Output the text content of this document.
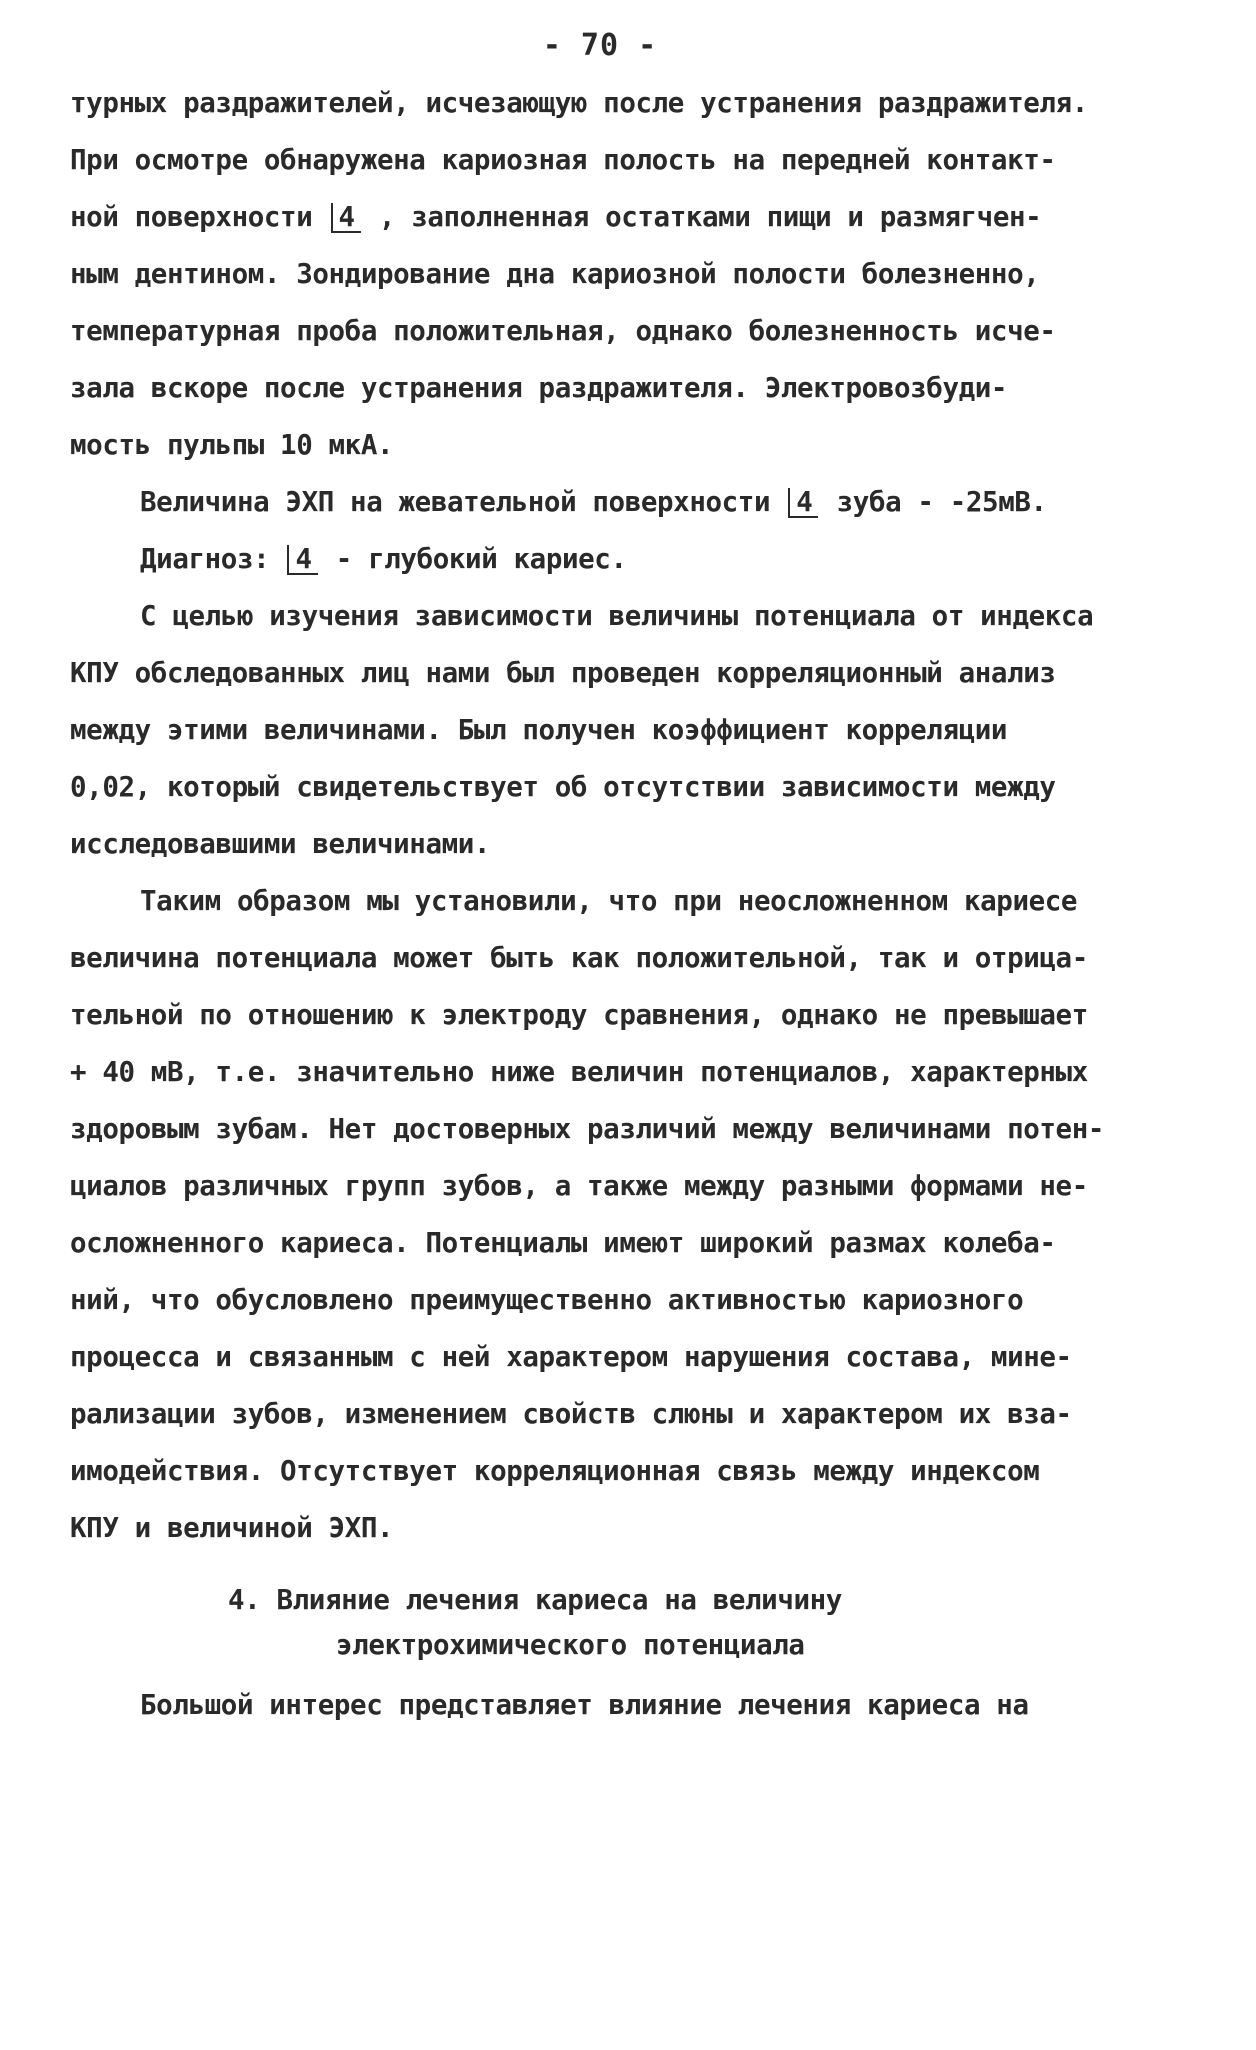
- 70 -
турных раздражителей, исчезающую после устранения раздражителя.
При осмотре обнаружена кариозная полость на передней контакт-
ной поверхности 4 , заполненная остатками пищи и размягчен-
ным дентином. Зондирование дна кариозной полости болезненно,
температурная проба положительная, однако болезненность исче-
зала вскоре после устранения раздражителя. Электровозбуди-
мость пульпы 10 мкА.
Величина ЭХП на жевательной поверхности 4 зуба - -25мВ.
Диагноз: 4 - глубокий кариес.
С целью изучения зависимости величины потенциала от индекса
КПУ обследованных лиц нами был проведен корреляционный анализ
между этими величинами. Был получен коэффициент корреляции
0,02, который свидетельствует об отсутствии зависимости между
исследовавшими величинами.
Таким образом мы установили, что при неосложненном кариесе
величина потенциала может быть как положительной, так и отрица-
тельной по отношению к электроду сравнения, однако не превышает
+ 40 мВ, т.е. значительно ниже величин потенциалов, характерных
здоровым зубам. Нет достоверных различий между величинами потен-
циалов различных групп зубов, а также между разными формами не-
осложненного кариеса. Потенциалы имеют широкий размах колеба-
ний, что обусловлено преимущественно активностью кариозного
процесса и связанным с ней характером нарушения состава, мине-
рализации зубов, изменением свойств слюны и характером их вза-
имодействия. Отсутствует корреляционная связь между индексом
КПУ и величиной ЭХП.
4. Влияние лечения кариеса на величину
электрохимического потенциала
Большой интерес представляет влияние лечения кариеса на
